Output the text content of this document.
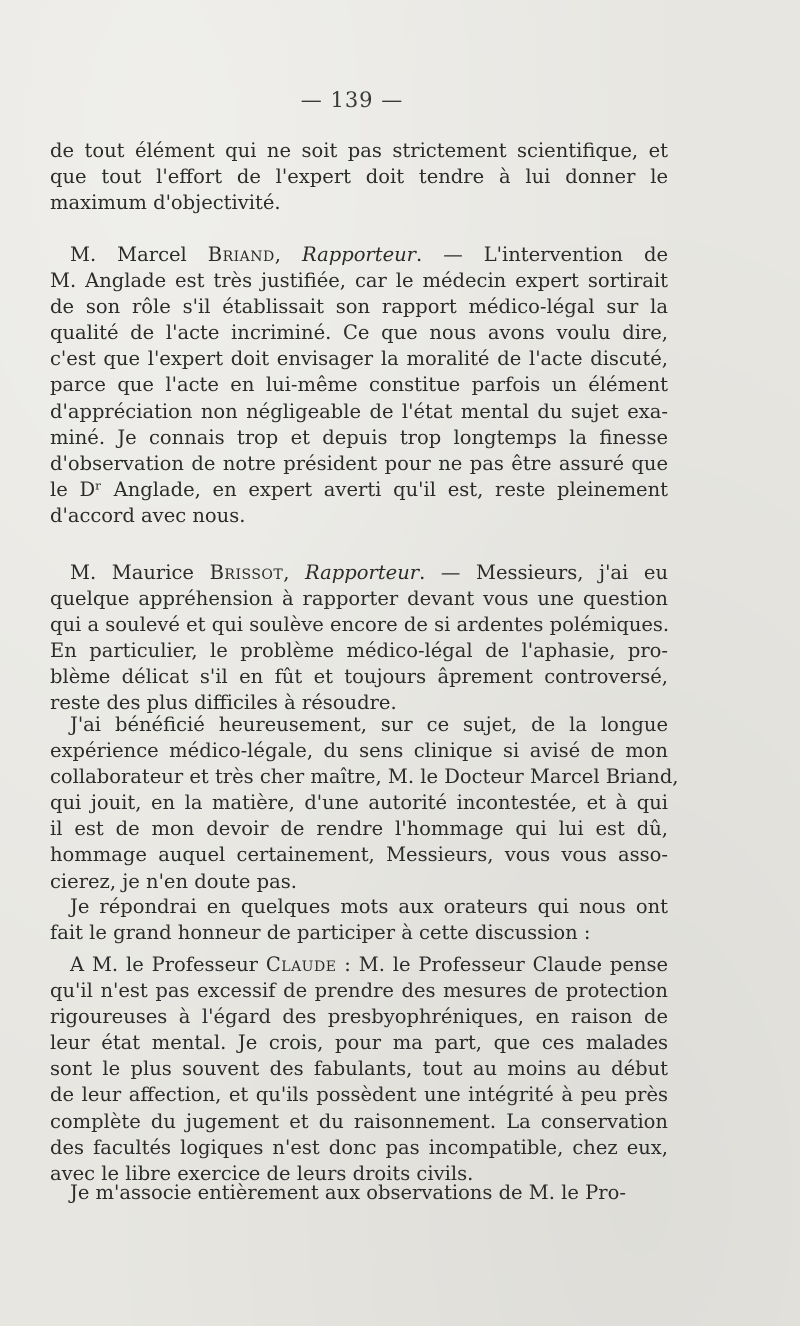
— 139 —
de tout élément qui ne soit pas strictement scientifique, et
que tout l'effort de l'expert doit tendre à lui donner le
maximum d'objectivité.
M. Marcel Briand, Rapporteur. — L'intervention de
M. Anglade est très justifiée, car le médecin expert sortirait
de son rôle s'il établissait son rapport médico-légal sur la
qualité de l'acte incriminé. Ce que nous avons voulu dire,
c'est que l'expert doit envisager la moralité de l'acte discuté,
parce que l'acte en lui-même constitue parfois un élément
d'appréciation non négligeable de l'état mental du sujet exa-
miné. Je connais trop et depuis trop longtemps la finesse
d'observation de notre président pour ne pas être assuré que
le Dʳ Anglade, en expert averti qu'il est, reste pleinement
d'accord avec nous.
M. Maurice Brissot, Rapporteur. — Messieurs, j'ai eu
quelque appréhension à rapporter devant vous une question
qui a soulevé et qui soulève encore de si ardentes polémiques.
En particulier, le problème médico-légal de l'aphasie, pro-
blème délicat s'il en fût et toujours âprement controversé,
reste des plus difficiles à résoudre.
J'ai bénéficié heureusement, sur ce sujet, de la longue
expérience médico-légale, du sens clinique si avisé de mon
collaborateur et très cher maître, M. le Docteur Marcel Briand,
qui jouit, en la matière, d'une autorité incontestée, et à qui
il est de mon devoir de rendre l'hommage qui lui est dû,
hommage auquel certainement, Messieurs, vous vous asso-
cierez, je n'en doute pas.
Je répondrai en quelques mots aux orateurs qui nous ont
fait le grand honneur de participer à cette discussion :
A M. le Professeur Claude : M. le Professeur Claude pense
qu'il n'est pas excessif de prendre des mesures de protection
rigoureuses à l'égard des presbyophréniques, en raison de
leur état mental. Je crois, pour ma part, que ces malades
sont le plus souvent des fabulants, tout au moins au début
de leur affection, et qu'ils possèdent une intégrité à peu près
complète du jugement et du raisonnement. La conservation
des facultés logiques n'est donc pas incompatible, chez eux,
avec le libre exercice de leurs droits civils.
Je m'associe entièrement aux observations de M. le Pro-
